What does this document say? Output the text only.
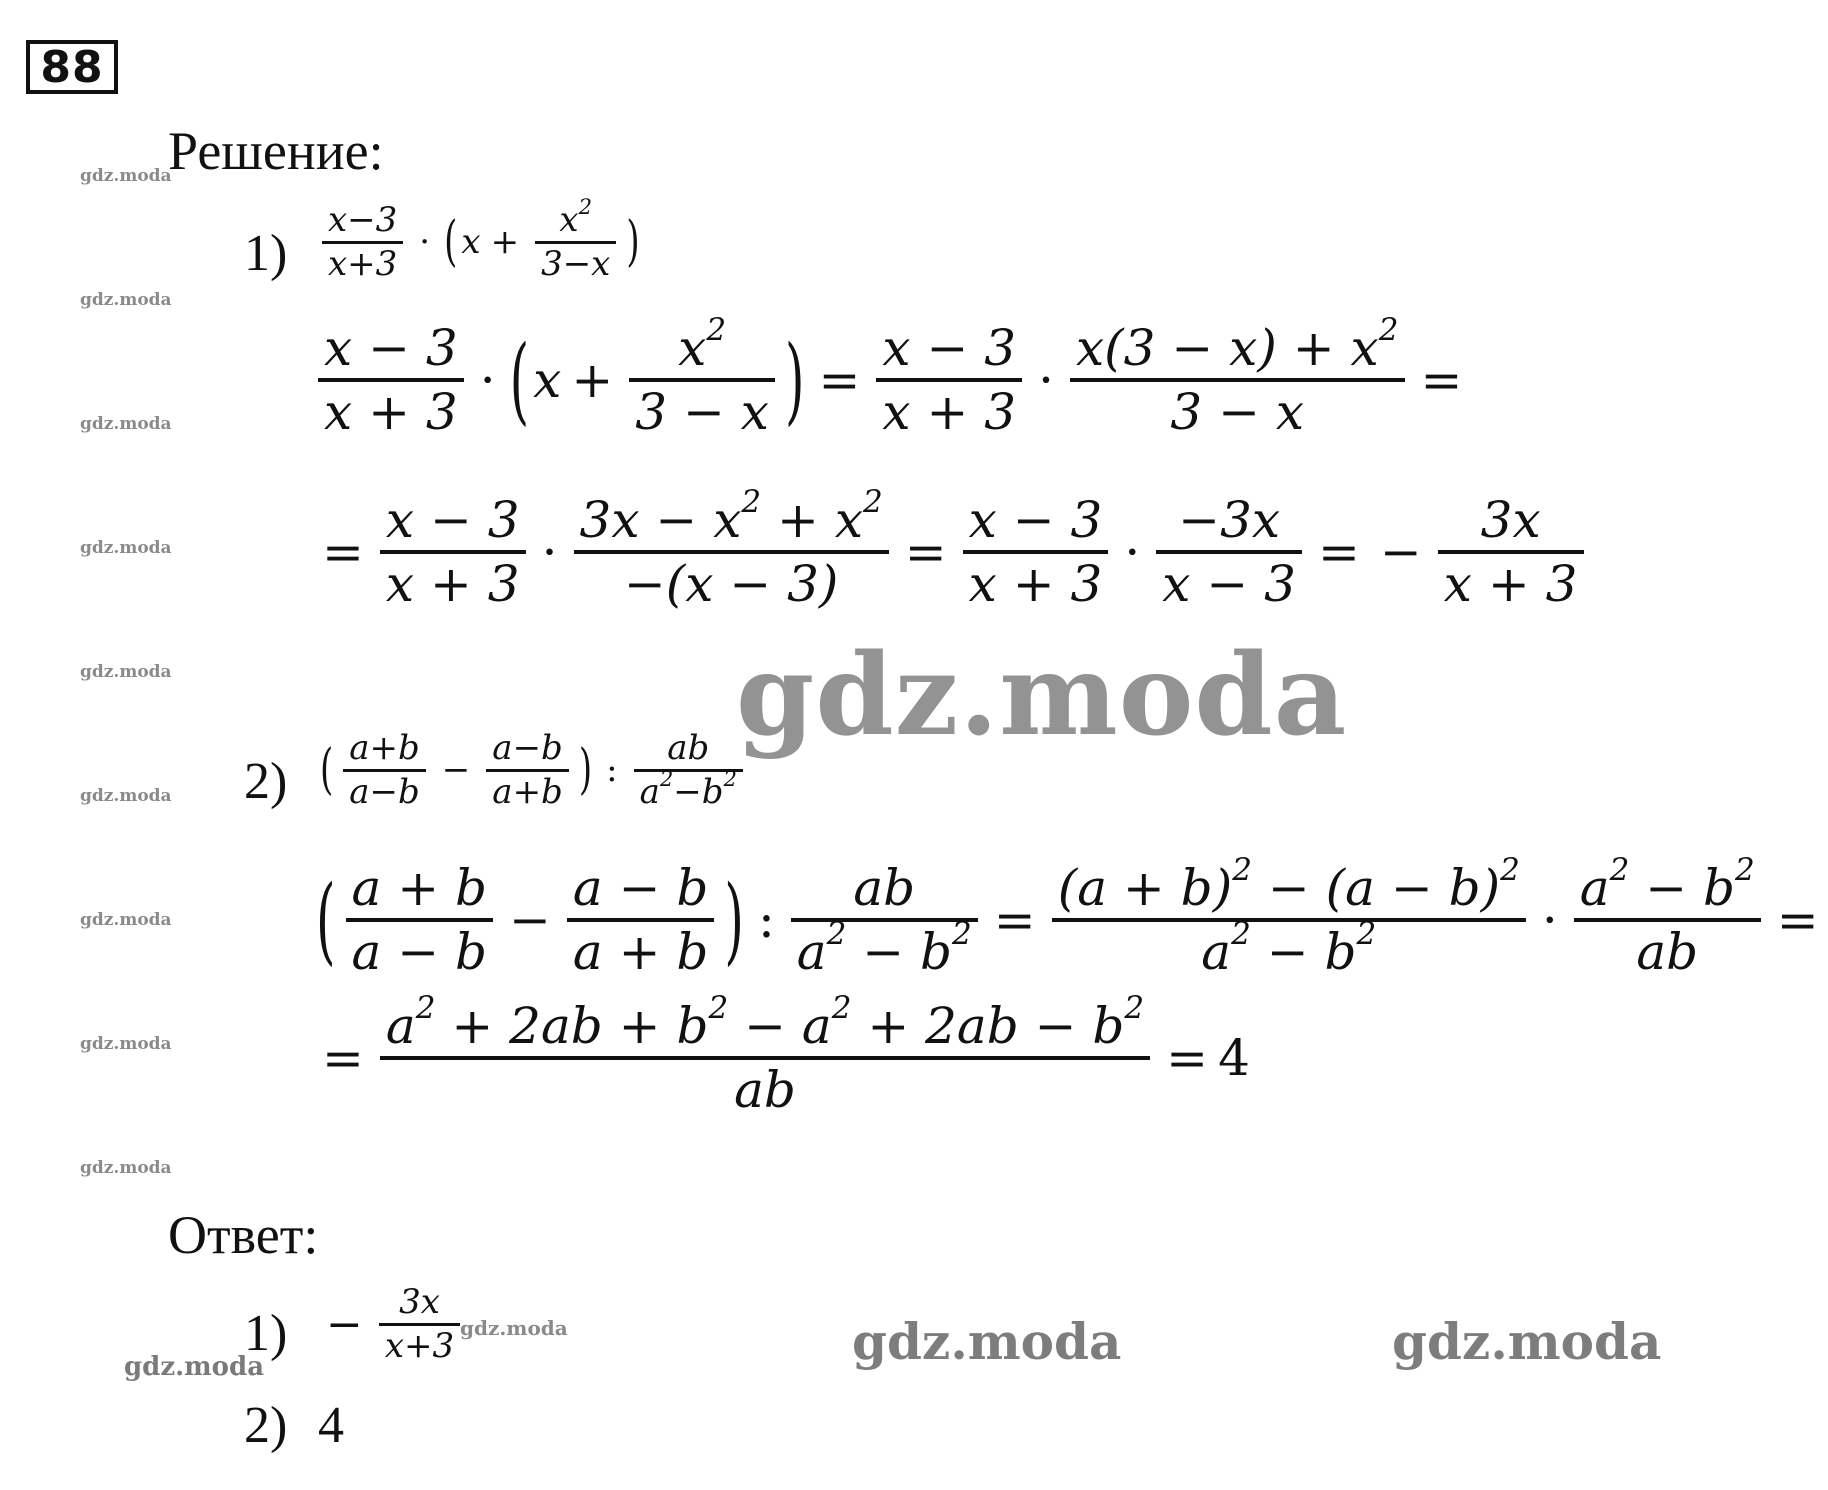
88
Решение:
gdz.moda
gdz.moda
gdz.moda
gdz.moda
gdz.moda
gdz.moda
gdz.moda
gdz.moda
gdz.moda
$1) \frac{x-3}{x+3}$ · ( $x + \frac{x^2}{3-x}$ )
$\frac{x - 3}{x + 3}$ · ( $x + \frac{x^2}{3 - x}$ ) = $\frac{x - 3}{x + 3} \cdot \frac{x(3 - x) + x^2}{3 - x}$ =
= $\frac{x - 3}{x + 3} \cdot \frac{3x - x^2 + x^2}{-(x - 3)} = \frac{x - 3}{x + 3} \cdot \frac{-3x}{x - 3}$ = − $\frac{3x}{x + 3}$
gdz.moda
2) ( $\frac{a+b}{a-b} - \frac{a-b}{a+b}$ ) : $\frac{ab}{a^2-b^2}$
( $\frac{a + b}{a - b} - \frac{a - b}{a + b}$ ) : $\frac{ab}{a^2 - b^2} = \frac{(a + b)^2 - (a - b)^2}{a^2 - b^2} \cdot \frac{a^2 - b^2}{ab}$ =
= $\frac{a^2 + 2ab + b^2 - a^2 + 2ab - b^2}{ab} = 4$
Ответ:
$1) - \frac{3x}{x+3}$ gdz.moda
gdz.moda
2) 4
gdz.moda	gdz.moda
